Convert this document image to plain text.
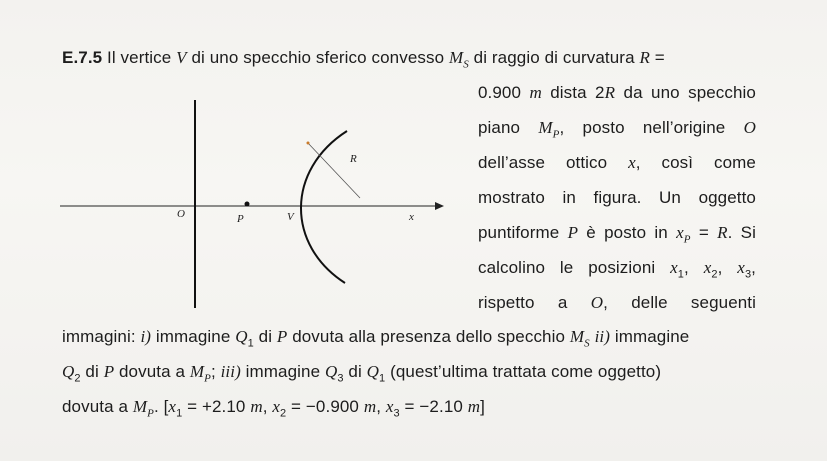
E.7.5 Il vertice V di uno specchio sferico convesso $M_S$ di raggio di curvatura R =
0.900 m dista 2R da uno specchio
piano $M_P$, posto nell’origine O
dell’asse ottico x, così come
mostrato in figura. Un oggetto
puntiforme P è posto in $x_P = R$. Si
calcolino le posizioni $x_1$, $x_2$, $x_3$,
rispetto a O, delle seguenti
immagini: i) immagine $Q_1$ di P dovuta alla presenza dello specchio $M_S$ ii) immagine
$Q_2$ di P dovuta a $M_P$; iii) immagine $Q_3$ di $Q_1$ (quest’ultima trattata come oggetto)
dovuta a $M_P$. [$x_1 = +2.10$ m, $x_2 = -0.900$ m, $x_3 = -2.10$ m]
O	P	V
R
x
